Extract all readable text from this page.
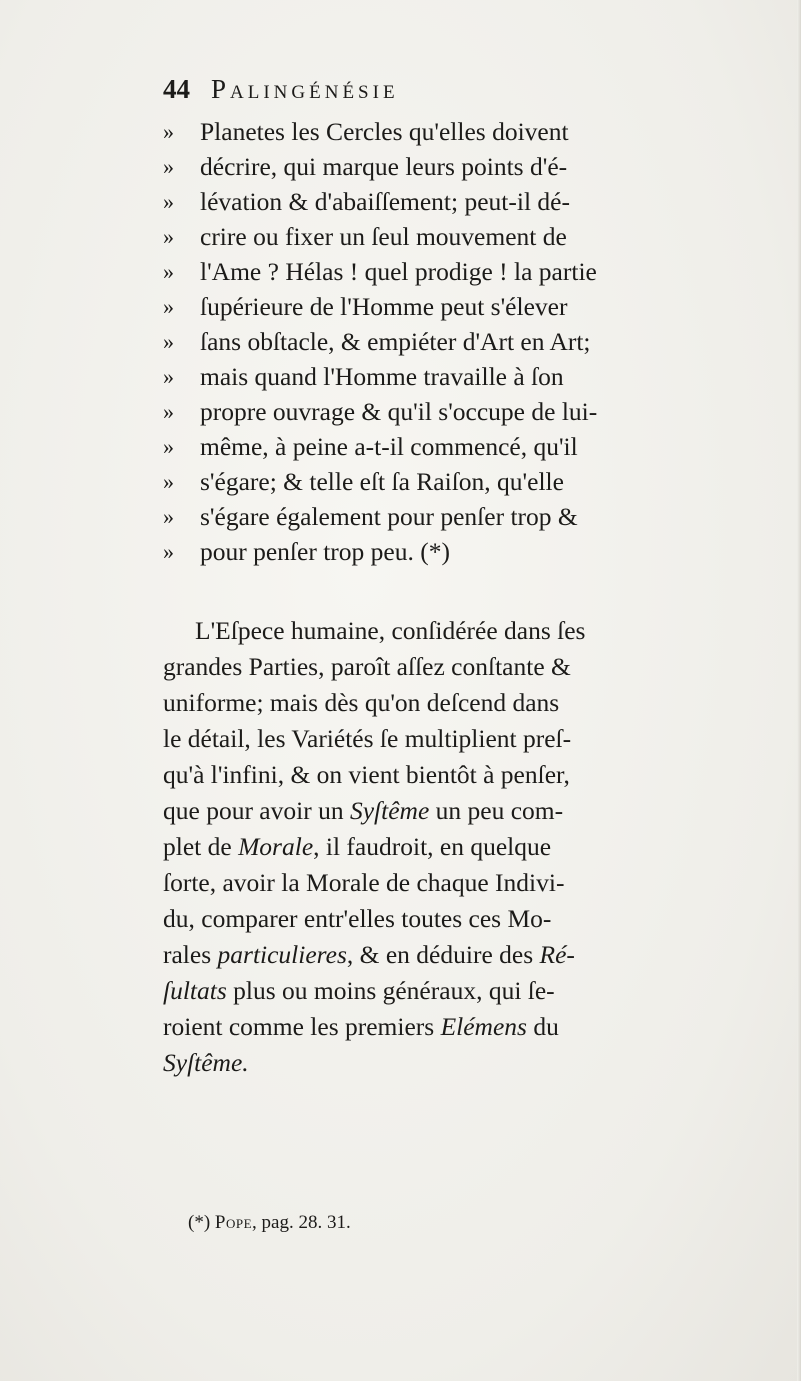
44 Palingénésie
»	Planetes les Cercles qu'elles doivent
»	décrire, qui marque leurs points d'é-
»	lévation & d'abaiſſement; peut-il dé-
»	crire ou fixer un ſeul mouvement de
»	l'Ame ? Hélas ! quel prodige ! la partie
»	ſupérieure de l'Homme peut s'élever
»	ſans obſtacle, & empiéter d'Art en Art;
»	mais quand l'Homme travaille à ſon
»	propre ouvrage & qu'il s'occupe de lui-
»	même, à peine a-t-il commencé, qu'il
»	s'égare; & telle eſt ſa Raiſon, qu'elle
»	s'égare également pour penſer trop &
»	pour penſer trop peu. (*)
L'Eſpece humaine, conſidérée dans ſes
grandes Parties, paroît aſſez conſtante &
uniforme; mais dès qu'on deſcend dans
le détail, les Variétés ſe multiplient preſ-
qu'à l'infini, & on vient bientôt à penſer,
que pour avoir un Syſtême un peu com-
plet de Morale, il faudroit, en quelque
ſorte, avoir la Morale de chaque Indivi-
du, comparer entr'elles toutes ces Mo-
rales particulieres, & en déduire des Ré-
ſultats plus ou moins généraux, qui ſe-
roient comme les premiers Elémens du
Syſtême.
(*) Pope, pag. 28. 31.
